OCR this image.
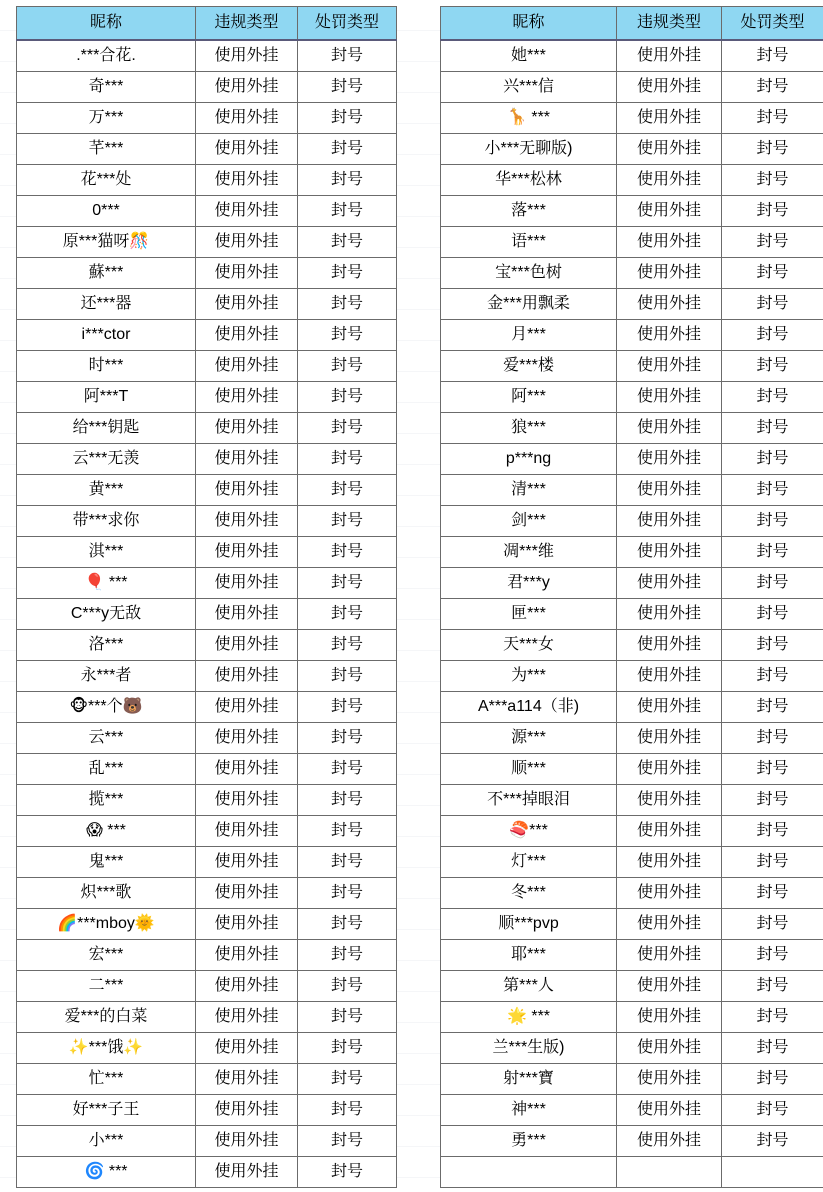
昵称	违规类型	处罚类型
.***合花.	使用外挂	封号
奇***	使用外挂	封号
万***	使用外挂	封号
芊***	使用外挂	封号
花***处	使用外挂	封号
0***	使用外挂	封号
原***猫呀🎊	使用外挂	封号
蘇***	使用外挂	封号
还***器	使用外挂	封号
i***ctor	使用外挂	封号
时***	使用外挂	封号
阿***T	使用外挂	封号
给***钥匙	使用外挂	封号
云***无羡	使用外挂	封号
黄***	使用外挂	封号
带***求你	使用外挂	封号
淇***	使用外挂	封号
🎈 ***	使用外挂	封号
C***y无敌	使用外挂	封号
洛***	使用外挂	封号
永***者	使用外挂	封号
🐵***个🐻	使用外挂	封号
云***	使用外挂	封号
乱***	使用外挂	封号
揽***	使用外挂	封号
😱 ***	使用外挂	封号
鬼***	使用外挂	封号
炽***歌	使用外挂	封号
🌈***mboy🌞	使用外挂	封号
宏***	使用外挂	封号
二***	使用外挂	封号
爱***的白菜	使用外挂	封号
✨***饿✨	使用外挂	封号
忙***	使用外挂	封号
好***子王	使用外挂	封号
小***	使用外挂	封号
🌀 ***	使用外挂	封号
昵称	违规类型	处罚类型
她***	使用外挂	封号
兴***信	使用外挂	封号
🦒 ***	使用外挂	封号
小***无聊版)	使用外挂	封号
华***松林	使用外挂	封号
落***	使用外挂	封号
语***	使用外挂	封号
宝***色树	使用外挂	封号
金***用飘柔	使用外挂	封号
月***	使用外挂	封号
爱***楼	使用外挂	封号
阿***	使用外挂	封号
狼***	使用外挂	封号
p***ng	使用外挂	封号
清***	使用外挂	封号
剑***	使用外挂	封号
凋***维	使用外挂	封号
君***y	使用外挂	封号
匣***	使用外挂	封号
天***女	使用外挂	封号
为***	使用外挂	封号
A***a114（非)	使用外挂	封号
源***	使用外挂	封号
顺***	使用外挂	封号
不***掉眼泪	使用外挂	封号
🍣***	使用外挂	封号
灯***	使用外挂	封号
冬***	使用外挂	封号
顺***pvp	使用外挂	封号
耶***	使用外挂	封号
第***人	使用外挂	封号
🌟 ***	使用外挂	封号
兰***生版)	使用外挂	封号
射***寶	使用外挂	封号
神***	使用外挂	封号
勇***	使用外挂	封号
